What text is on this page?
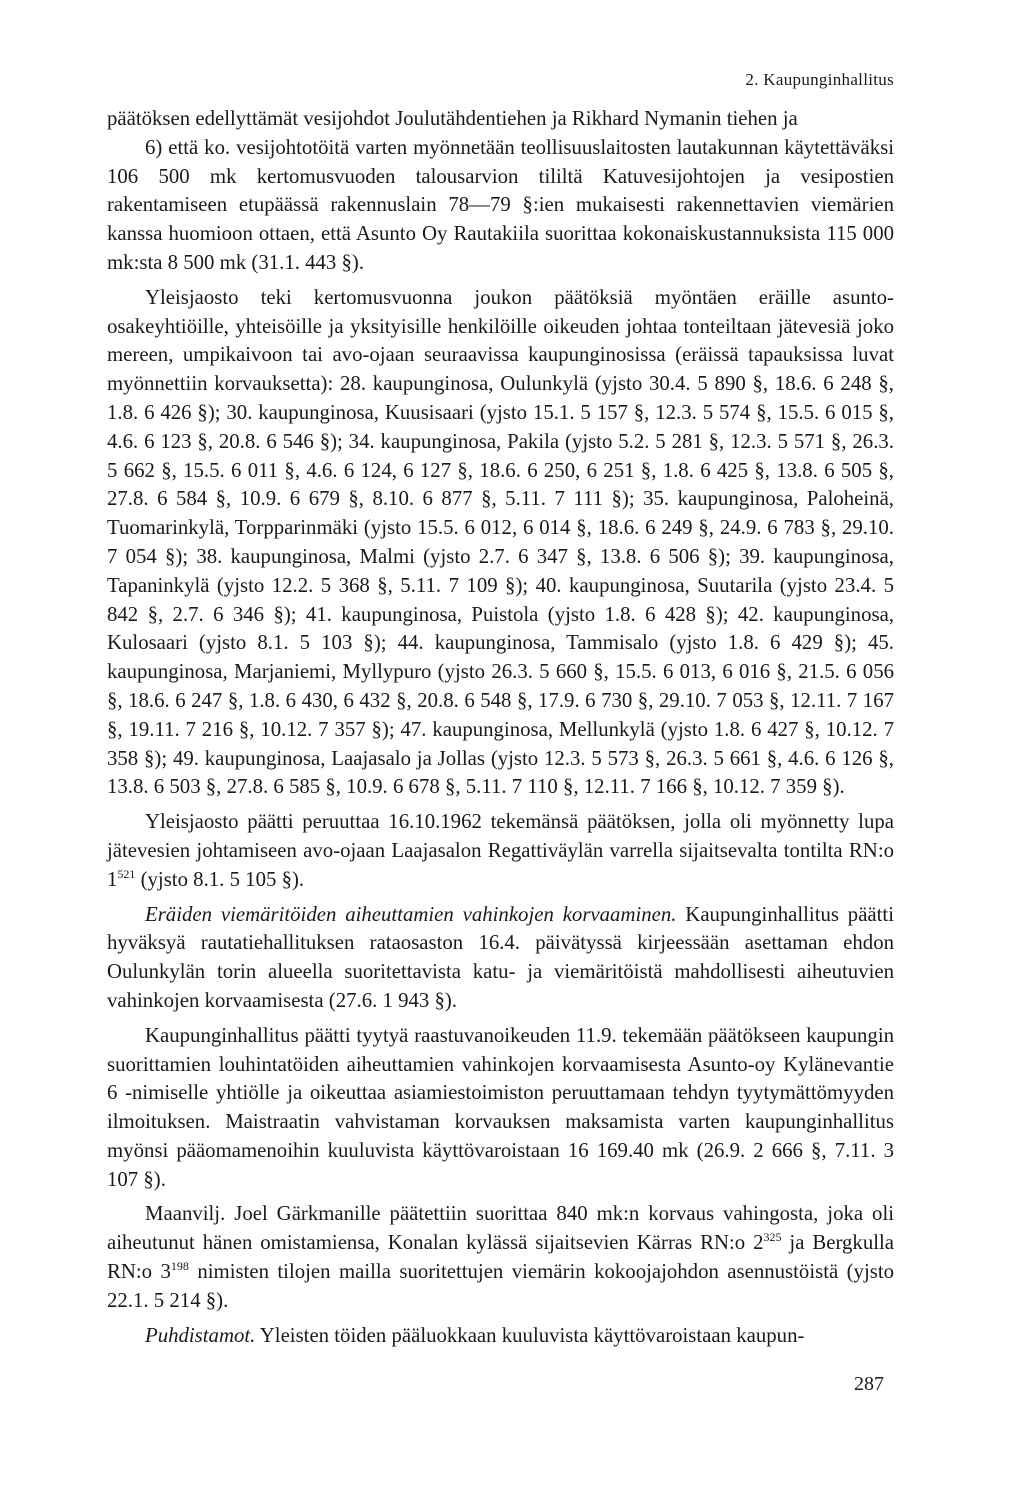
2. Kaupunginhallitus

päätöksen edellyttämät vesijohdot Joulutähdentiehen ja Rikhard Nymanin tiehen ja

6) että ko. vesijohtotöitä varten myönnetään teollisuuslaitosten lautakunnan käytettäväksi 106 500 mk kertomusvuoden talousarvion tililtä Katuvesijohtojen ja vesipostien rakentamiseen etupäässä rakennuslain 78—79 §:ien mukaisesti rakennettavien viemärien kanssa huomioon ottaen, että Asunto Oy Rautakiila suorittaa kokonaiskustannuksista 115 000 mk:sta 8 500 mk (31.1. 443 §).

Yleisjaosto teki kertomusvuonna joukon päätöksiä myöntäen eräille asunto-osakeyhtiöille, yhteisöille ja yksityisille henkilöille oikeuden johtaa tonteiltaan jätevesiä joko mereen, umpikaivoon tai avo-ojaan seuraavissa kaupunginosissa (eräissä tapauksissa luvat myönnettiin korvauksetta): 28. kaupunginosa, Oulunkylä (yjsto 30.4. 5 890 §, 18.6. 6 248 §, 1.8. 6 426 §); 30. kaupunginosa, Kuusisaari (yjsto 15.1. 5 157 §, 12.3. 5 574 §, 15.5. 6 015 §, 4.6. 6 123 §, 20.8. 6 546 §); 34. kaupunginosa, Pakila (yjsto 5.2. 5 281 §, 12.3. 5 571 §, 26.3. 5 662 §, 15.5. 6 011 §, 4.6. 6 124, 6 127 §, 18.6. 6 250, 6 251 §, 1.8. 6 425 §, 13.8. 6 505 §, 27.8. 6 584 §, 10.9. 6 679 §, 8.10. 6 877 §, 5.11. 7 111 §); 35. kaupunginosa, Paloheinä, Tuomarinkylä, Torpparinmäki (yjsto 15.5. 6 012, 6 014 §, 18.6. 6 249 §, 24.9. 6 783 §, 29.10. 7 054 §); 38. kaupunginosa, Malmi (yjsto 2.7. 6 347 §, 13.8. 6 506 §); 39. kaupunginosa, Tapaninkylä (yjsto 12.2. 5 368 §, 5.11. 7 109 §); 40. kaupunginosa, Suutarila (yjsto 23.4. 5 842 §, 2.7. 6 346 §); 41. kaupunginosa, Puistola (yjsto 1.8. 6 428 §); 42. kaupunginosa, Kulosaari (yjsto 8.1. 5 103 §); 44. kaupunginosa, Tammisalo (yjsto 1.8. 6 429 §); 45. kaupunginosa, Marjaniemi, Myllypuro (yjsto 26.3. 5 660 §, 15.5. 6 013, 6 016 §, 21.5. 6 056 §, 18.6. 6 247 §, 1.8. 6 430, 6 432 §, 20.8. 6 548 §, 17.9. 6 730 §, 29.10. 7 053 §, 12.11. 7 167 §, 19.11. 7 216 §, 10.12. 7 357 §); 47. kaupunginosa, Mellunkylä (yjsto 1.8. 6 427 §, 10.12. 7 358 §); 49. kaupunginosa, Laajasalo ja Jollas (yjsto 12.3. 5 573 §, 26.3. 5 661 §, 4.6. 6 126 §, 13.8. 6 503 §, 27.8. 6 585 §, 10.9. 6 678 §, 5.11. 7 110 §, 12.11. 7 166 §, 10.12. 7 359 §).

Yleisjaosto päätti peruuttaa 16.10.1962 tekemänsä päätöksen, jolla oli myönnetty lupa jätevesien johtamiseen avo-ojaan Laajasalon Regattiväylän varrella sijaitsevalta tontilta RN:o $1^{521}$ (yjsto 8.1. 5 105 §).

Eräiden viemäritöiden aiheuttamien vahinkojen korvaaminen. Kaupunginhallitus päätti hyväksyä rautatiehallituksen rataosaston 16.4. päivätyssä kirjeessään asettaman ehdon Oulunkylän torin alueella suoritettavista katu- ja viemäritöistä mahdollisesti aiheutuvien vahinkojen korvaamisesta (27.6. 1 943 §).

Kaupunginhallitus päätti tyytyä raastuvanoikeuden 11.9. tekemään päätökseen kaupungin suorittamien louhintatöiden aiheuttamien vahinkojen korvaamisesta Asunto-oy Kylänevantie 6 -nimiselle yhtiölle ja oikeuttaa asiamiestoimiston peruuttamaan tehdyn tyytymättömyyden ilmoituksen. Maistraatin vahvistaman korvauksen maksamista varten kaupunginhallitus myönsi pääomamenoihin kuuluvista käyttövaroistaan 16 169.40 mk (26.9. 2 666 §, 7.11. 3 107 §).

Maanvilj. Joel Gärkmanille päätettiin suorittaa 840 mk:n korvaus vahingosta, joka oli aiheutunut hänen omistamiensa, Konalan kylässä sijaitsevien Kärras RN:o $2^{325}$ ja Bergkulla RN:o $3^{198}$ nimisten tilojen mailla suoritettujen viemärin kokoojajohdon asennustöistä (yjsto 22.1. 5 214 §).

Puhdistamot. Yleisten töiden pääluokkaan kuuluvista käyttövaroistaan kaupun-

287
